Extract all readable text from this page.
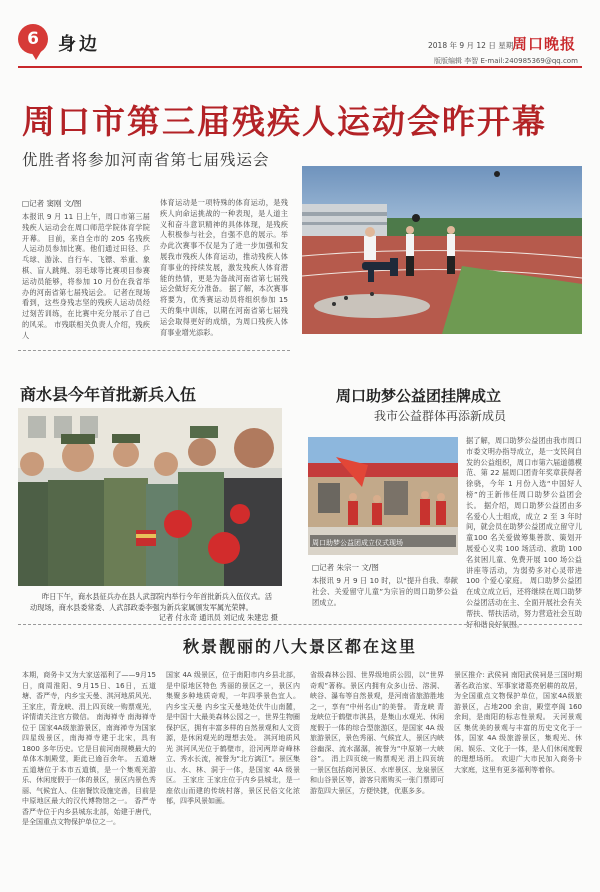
6	身边	2018 年 9 月 12 日 星期三
周口晚报
版版编辑 李智 E-mail:240985369@qq.com
周口市第三届残疾人运动会昨开幕
优胜者将参加河南省第七届残运会
□记者 窦刚 文/图
本报讯 9 月 11 日上午，周口市第三届残疾人运动会在周口师范学院体育学院开幕。 目前，来自全市的 205 名残疾人运动员参加比赛。他们通过田径、乒乓球、游泳、自行车、飞镖、举重、象棋、盲人跳绳、羽毛球等比赛项目参赛运动员能够，将参加 10 月份在我省举办的河南省第七届残运会。 记者在现场看到，这些身残志坚的残疾人运动员经过刻苦训练，在比赛中充分展示了自己的风采。 市残联相关负责人介绍，残疾人
体育运动是一项特殊的体育运动，是残疾人向命运挑战的一种表现，是人道主义和奋斗意识精神的具体体现，是残疾人积极参与社会，自强不息的展示。举办此次赛事不仅是为了进一步加强和发展我市残疾人体育运动，推动残疾人体育事业的持续发展，激发残疾人体育潜能的热情，更是为备战河南省第七届残运会做好充分准备。 据了解，本次赛事将要为，优秀赛运动员将组织参加 15 天的集中训练，以期在河南省第七届残运会取得更好的成绩，为周口残疾人体育事业增光添彩。
商水县今年首批新兵入伍
昨日下午，商水县征兵办在县人武部院内举行今年首批新兵入伍仪式。活动现场，商水县委常委、人武部政委李强为新兵家属颁发军属光荣牌。
记者 付永奇 通讯员 刘记成 朱建忠 摄
周口助梦公益团挂牌成立
我市公益群体再添新成员
周口助梦公益团成立仪式现场
□记者 朱宗一 文/图
本报讯 9 月 9 日 10 时，以“提升自我、奉献社会、关爱留守儿童”为宗旨的周口助梦公益团成立。
据了解，周口助梦公益团由我市周口市委文明办指导成立，是一支民间自发的公益组织，周口市第六届道德模范、第 22 届周口团青年奖章获得者徐骁，今年 1 月份入选“中国好人榜”的王新伟任周口助梦公益团会长。 据介绍，周口助梦公益团由多名爱心人士组成，成立 2 至 3 年时间，就会员在助梦公益团成立留守儿童100 名关爱做筹集善款、策划开展爱心义卖 100 场活动、救助 100 名贫困儿童、免费开展 100 场公益讲座等活动，为弱势多对心灵带进 100 个爱心家庭。 周口助梦公益团 在成立成立后，还将继续在周口助梦公益团活动在主、全面开展社会有关帮扶、帮扶活动，努力营造社会互助好和谐良好氛围。
秋景靓丽的八大景区都在这里
本期，商务卡又为大家送福利了——9月15日，商周淮阳、9月15日、16日，五道塘、香严寺，内乡宝天曼、淇河地质风光、王家庄，青龙峡、涓上四页统一购票观光，详情请关注官方微信。 南海禅寺 南海禅寺位于 国家4A级旅游景区，南海禅寺为国家四星级景区，南海禅寺建于北宋，具有 1800 多年历史。它是目前河南规模最大的单体木制殿堂，距此已逾百余年。 五道塘 五道塘位于本市五道镇，是一个集观光游乐、休闲度假于一体的景区，景区内景色秀丽、气候宜人、住宿餐饮设施完善，目前是中原地区最大的汉代博物馆之一。 香严寺 香严寺位于内乡县城东北部，始建于唐代，是全国重点文物保护单位之一。
国家 4A 级景区，位于南阳市内乡县北部，是中原地区特色 秀丽的景区之一，景区内集聚多种地质奇观，一年四季景色宜人。 内乡宝天曼 内乡宝天曼地处伏牛山南麓，是中国十大最美森林公园之一，世界生物圈保护区，拥有丰富多样的自然景观和人文资源，是休闲观光的理想去处。 淇河地质风光 淇河风光位于鹤壁市，沿河两岸奇峰林立、秀水长流，被誉为“北方漓江”。景区集山、水、林、洞于一体，是国家 4A 级景区。 王家庄 王家庄位于内乡县城北，是一座依山而建的传统村落，景区民俗文化浓郁，四季风景如画。
省级森林公园、世界级地质公园，以“世界奇观”著称。景区内拥有众多山岳、溶洞、峡谷、瀑布等自然景观，是河南省旅游胜地之一，享有“中州名山”的美誉。 青龙峡 青龙峡位于鹤壁市淇县，是集山水观光、休闲度假于一体的综合型旅游区，是国家 4A 级旅游景区，景色秀丽、气候宜人，景区内峡谷幽深、流水潺潺，被誉为“中原第一大峡谷”。 涓上四页统一购票观光 涓上四页统一景区包括商河景区、水库景区、龙泉景区和山谷景区等，游客只需购买一张门票即可游览四大景区，方便快捷，优惠多多。
景区推介: 武侯祠 南阳武侯祠是三国时期著名政治家、军事家诸葛亮躬耕的故居，为全国重点文物保护单位，国家4A级旅游景区，占地200 余亩，殿堂亭阁 160 余间，是南阳的标志性景观。 天河景观区 集优美的景观与丰富的历史文化于一体，国家 4A 级旅游景区，集观光、休闲、娱乐、文化于一体，是人们休闲度假的理想场所。 欢迎广大市民加入商务卡大家庭，这里有更多福利等着你。
